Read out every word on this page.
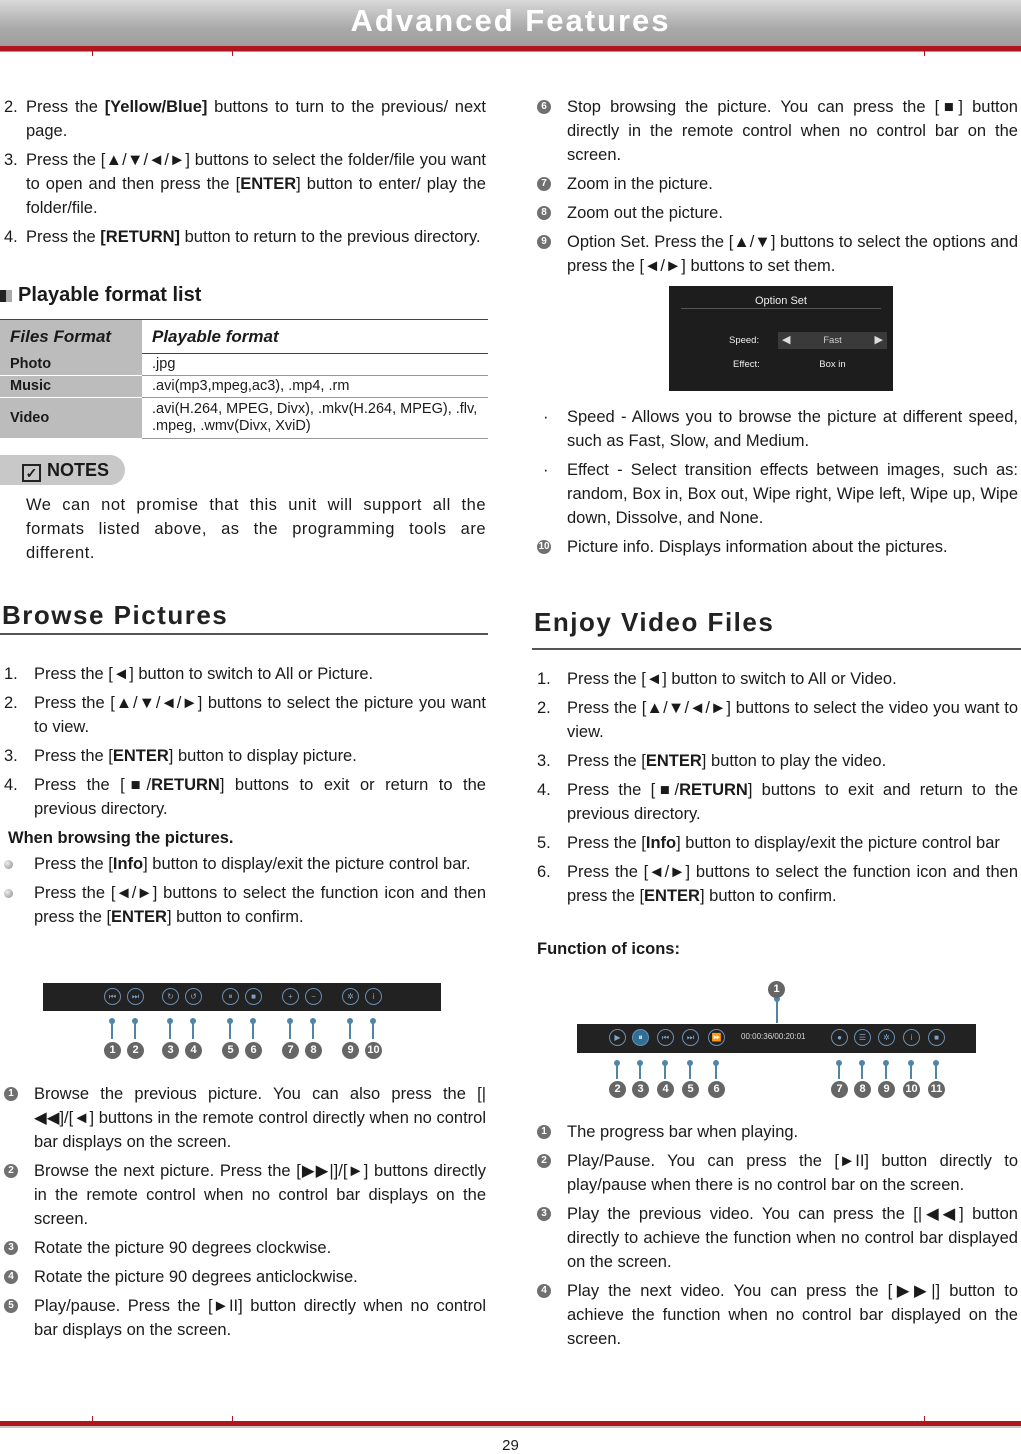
Advanced Features
2. Press the [Yellow/Blue] buttons to turn to the previous/ next page.
3. Press the [▲/▼/◄/►] buttons to select the folder/file you want to open and then press the [ENTER] button to enter/ play the folder/file.
4. Press the [RETURN] button to return to the previous directory.
Playable format list
Files Format	Playable format
Photo	.jpg
Music	.avi(mp3,mpeg,ac3), .mp4, .rm
Video	.avi(H.264, MPEG, Divx), .mkv(H.264, MPEG), .flv, .mpeg, .wmv(Divx, XviD)
✓ NOTES
We can not promise that this unit will support all the formats listed above, as the programming tools are different.
Browse Pictures
1. Press the [◄] button to switch to All or Picture.
2. Press the [▲/▼/◄/►] buttons to select the picture you want to view.
3. Press the [ENTER] button to display picture.
4. Press the [■/RETURN] buttons to exit or return to the previous directory.
When browsing the pictures.
Press the [Info] button to display/exit the picture control bar.
Press the [◄/►] buttons to select the function icon and then press the [ENTER] button to confirm.
⏮	⏭	↻	↺	⏸	■	+	−	✲	i
1	2	3	4	5	6	7	8	9	10
1 Browse the previous picture. You can also press the [|◀◀]/[◄] buttons in the remote control directly when no control bar displays on the screen.
2 Browse the next picture. Press the [▶▶|]/[►] buttons directly in the remote control when no control bar displays on the screen.
3 Rotate the picture 90 degrees clockwise.
4 Rotate the picture 90 degrees anticlockwise.
5 Play/pause. Press the [►II] button directly when no control bar displays on the screen.
6 Stop browsing the picture. You can press the [■] button directly in the remote control when no control bar on the screen.
7 Zoom in the picture.
8 Zoom out the picture.
9 Option Set. Press the [▲/▼] buttons to select the options and press the [◄/►] buttons to set them.
Option Set
Speed: ◀	Fast	▶
Effect:	Box in
· Speed - Allows you to browse the picture at different speed, such as Fast, Slow, and Medium.
· Effect - Select transition effects between images, such as: random, Box in, Box out, Wipe right, Wipe left, Wipe up, Wipe down, Dissolve, and None.
10 Picture info. Displays information about the pictures.
Enjoy Video Files
1. Press the [◄] button to switch to All or Video.
2. Press the [▲/▼/◄/►] buttons to select the video you want to view.
3. Press the [ENTER] button to play the video.
4. Press the [■/RETURN] buttons to exit and return to the previous directory.
5. Press the [Info] button to display/exit the picture control bar
6. Press the [◄/►] buttons to select the function icon and then press the [ENTER] button to confirm.
Function of icons:
00:00:36/00:20:01
▶	⏸	⏮	⏭	⏩	●	☰	✲	i	■
1
2	3	4	5	6	7	8	9	10 11
1 The progress bar when playing.
2 Play/Pause. You can press the [►II] button directly to play/pause when there is no control bar on the screen.
3 Play the previous video. You can press the [|◀◀] button directly to achieve the function when no control bar displayed on the screen.
4 Play the next video. You can press the [▶▶|] button to achieve the function when no control bar displayed on the screen.
29
